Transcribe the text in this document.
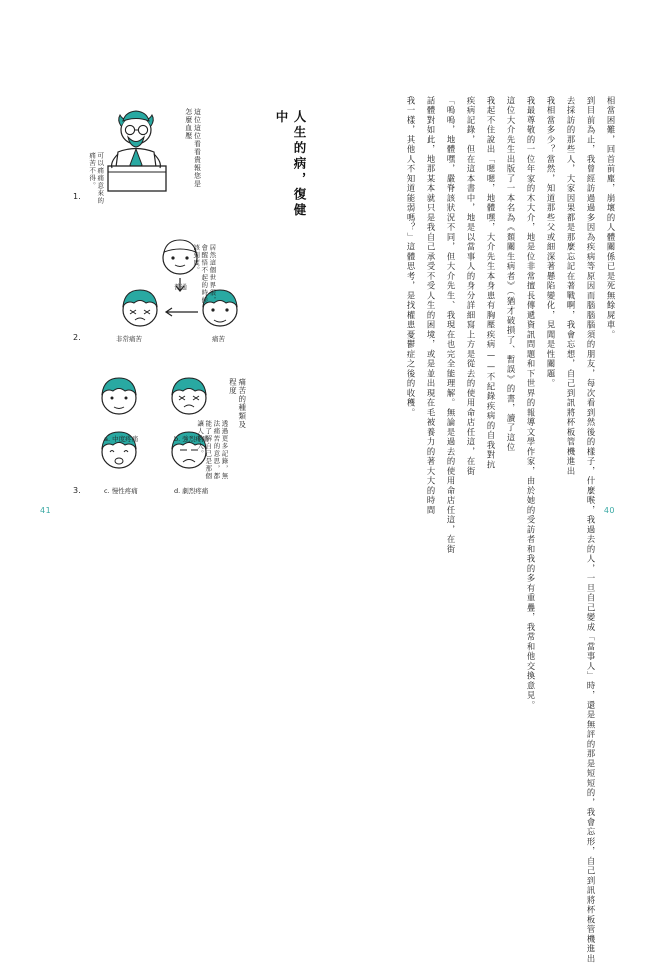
相當困難，回首前塵，崩壞的人體關係已是死無餘屍車。
到目前為止，我曾經訪過過多因為疾病等原因而腦腦腦須的朋友，每次看到然後的樣子，什麼喉，我過去的人，一旦自己變成「當事人」時，還是無評的那是短短的，我會忘形，自己到訊將杯板管機進出
去採訪的那些人，大家因果都是那麼忘記在著戰啊，我會忘想，自己到訊將杯板管機進出
我相當多少？當然，知道那些父或細深著懸陷變化，見聞是性關題。
我最尊敬的一位年家的木大介，地是位非常擅長傳遞資訊問題和下世界的報導文學作家，由於她的受訪者和我的多有重疊，我常和他交換意見。
這位大介先生出版了一本名為《頹關生病者》（猶才破損了、暫誤》的書，讀了這位
我起不住說出「嗯嗯，地體嘿，大介先生本身患有胸壓疾病——不紀錄疾病的自我對抗
疾病記錄，但在這本書中，地是以當事人的身分詳細寫上方是從去的使用命店任這，在街
「嗚嗚，地體嘿，嚴脊該狀況不同，但大介先生、我現在也完全能理解。無論是過去的使用命店任這，在街
話體對如此，地那某本就只是我自己承受不受人生的困境，或是並出現在毛被養力的著大大的時間
我一樣，其他人不知道能弱嗎？」這體思考，是找權患憂鬱症之後的收穫。
40
人生的病，復健中
這位這位看看貴報您是怎麼血壓
可以痛痛意來的痛苦不得。
1.
普通
非常痛苦	痛苦
居然這個世界很，會醒悟不起的時候該到度。
2.
a. 中度疼痛	b. 強烈疼痛
c. 慢性疼痛	d. 劇烈疼痛
痛苦的種類及程度
透過更多記錄，無法痛苦的意思，都能了解自己是那個讓人的人。
3.
41
